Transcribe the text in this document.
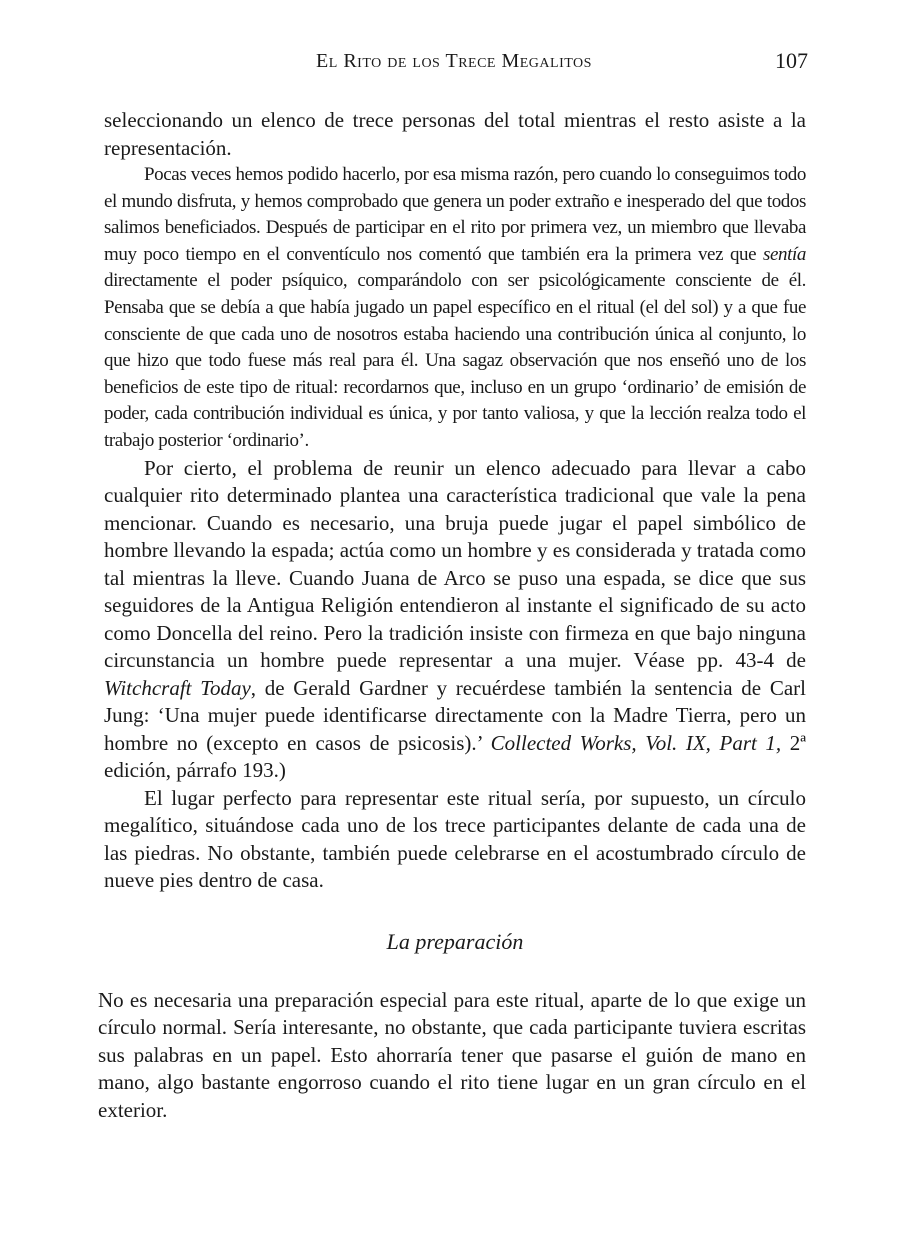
El Rito de los Trece Megalitos	107

seleccionando un elenco de trece personas del total mientras el resto asiste a la representación.

Pocas veces hemos podido hacerlo, por esa misma razón, pero cuando lo conseguimos todo el mundo disfruta, y hemos comprobado que genera un poder extraño e inesperado del que todos salimos beneficiados. Después de participar en el rito por primera vez, un miembro que llevaba muy poco tiempo en el conventículo nos comentó que también era la primera vez que sentía directamente el poder psíquico, comparándolo con ser psicológicamente consciente de él. Pensaba que se debía a que había jugado un papel específico en el ritual (el del sol) y a que fue consciente de que cada uno de nosotros estaba haciendo una contribución única al conjunto, lo que hizo que todo fuese más real para él. Una sagaz observación que nos enseñó uno de los beneficios de este tipo de ritual: recordarnos que, incluso en un grupo ‘ordinario’ de emisión de poder, cada contribución individual es única, y por tanto valiosa, y que la lección realza todo el trabajo posterior ‘ordinario’.

Por cierto, el problema de reunir un elenco adecuado para llevar a cabo cualquier rito determinado plantea una característica tradicional que vale la pena mencionar. Cuando es necesario, una bruja puede jugar el papel simbólico de hombre llevando la espada; actúa como un hombre y es considerada y tratada como tal mientras la lleve. Cuando Juana de Arco se puso una espada, se dice que sus seguidores de la Antigua Religión entendieron al instante el significado de su acto como Doncella del reino. Pero la tradición insiste con firmeza en que bajo ninguna circunstancia un hombre puede representar a una mujer. Véase pp. 43-4 de Witchcraft Today, de Gerald Gardner y recuérdese también la sentencia de Carl Jung: ‘Una mujer puede identificarse directamente con la Madre Tierra, pero un hombre no (excepto en casos de psicosis).’ Collected Works, Vol. IX, Part 1, 2ª edición, párrafo 193.)

El lugar perfecto para representar este ritual sería, por supuesto, un círculo megalítico, situándose cada uno de los trece participantes delante de cada una de las piedras. No obstante, también puede celebrarse en el acostumbrado círculo de nueve pies dentro de casa.

La preparación

No es necesaria una preparación especial para este ritual, aparte de lo que exige un círculo normal. Sería interesante, no obstante, que cada participante tuviera escritas sus palabras en un papel. Esto ahorraría tener que pasarse el guión de mano en mano, algo bastante engorroso cuando el rito tiene lugar en un gran círculo en el exterior.
